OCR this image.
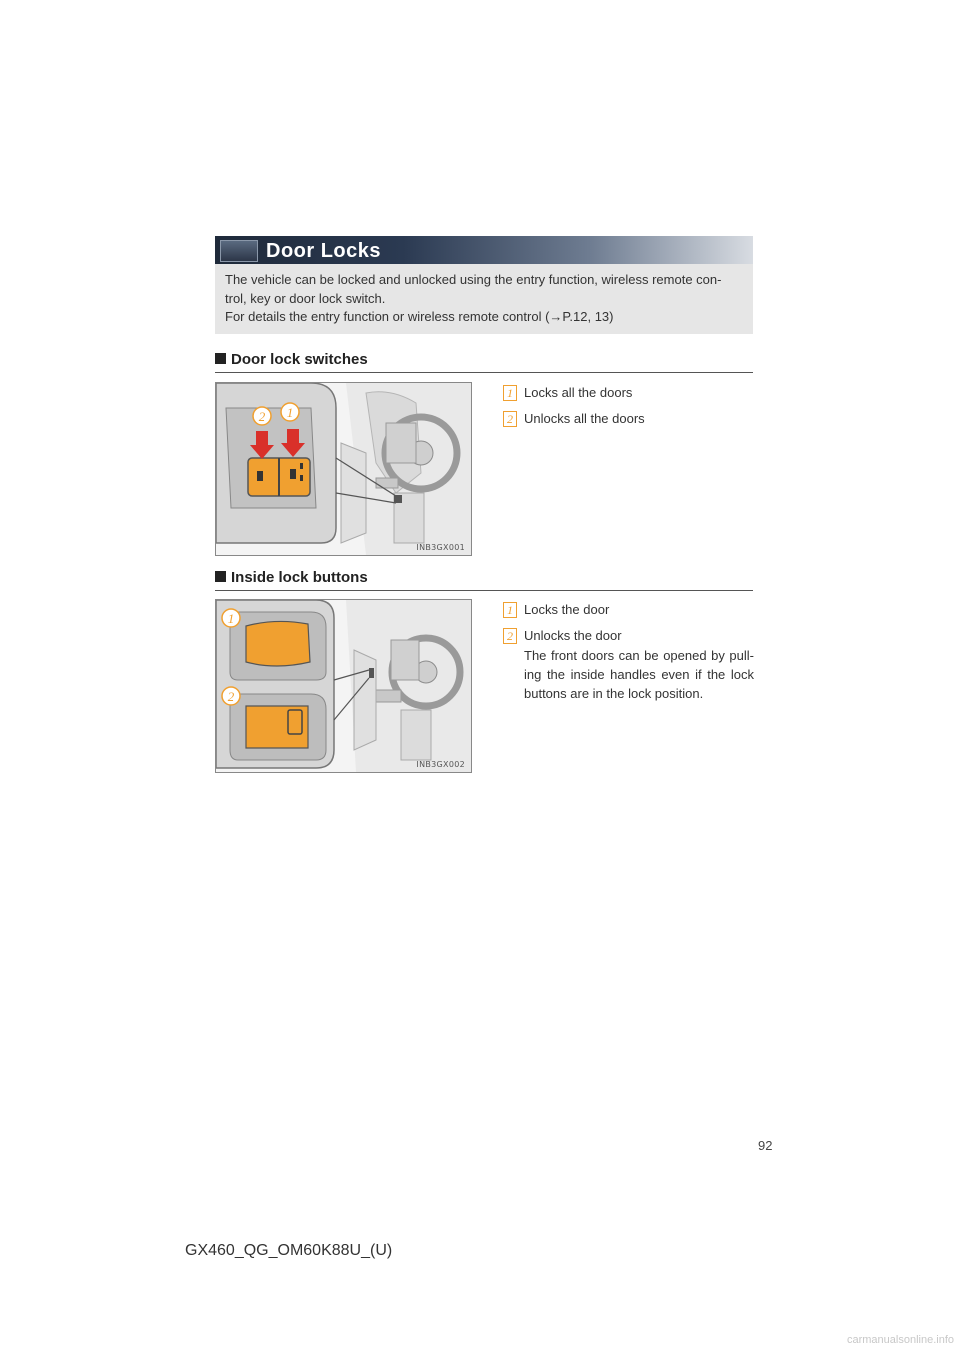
Door Locks
The vehicle can be locked and unlocked using the entry function, wireless remote con-
trol, key or door lock switch.
For details the entry function or wireless remote control (→P.12, 13)
Door lock switches
2 1
INB3GX001
1 Locks all the doors
2 Unlocks all the doors
Inside lock buttons
1
2
INB3GX002
1 Locks the door
2 Unlocks the door
The front doors can be opened by pull-ing the inside handles even if the lock buttons are in the lock position.
92
GX460_QG_OM60K88U_(U)
carmanualsonline.info
